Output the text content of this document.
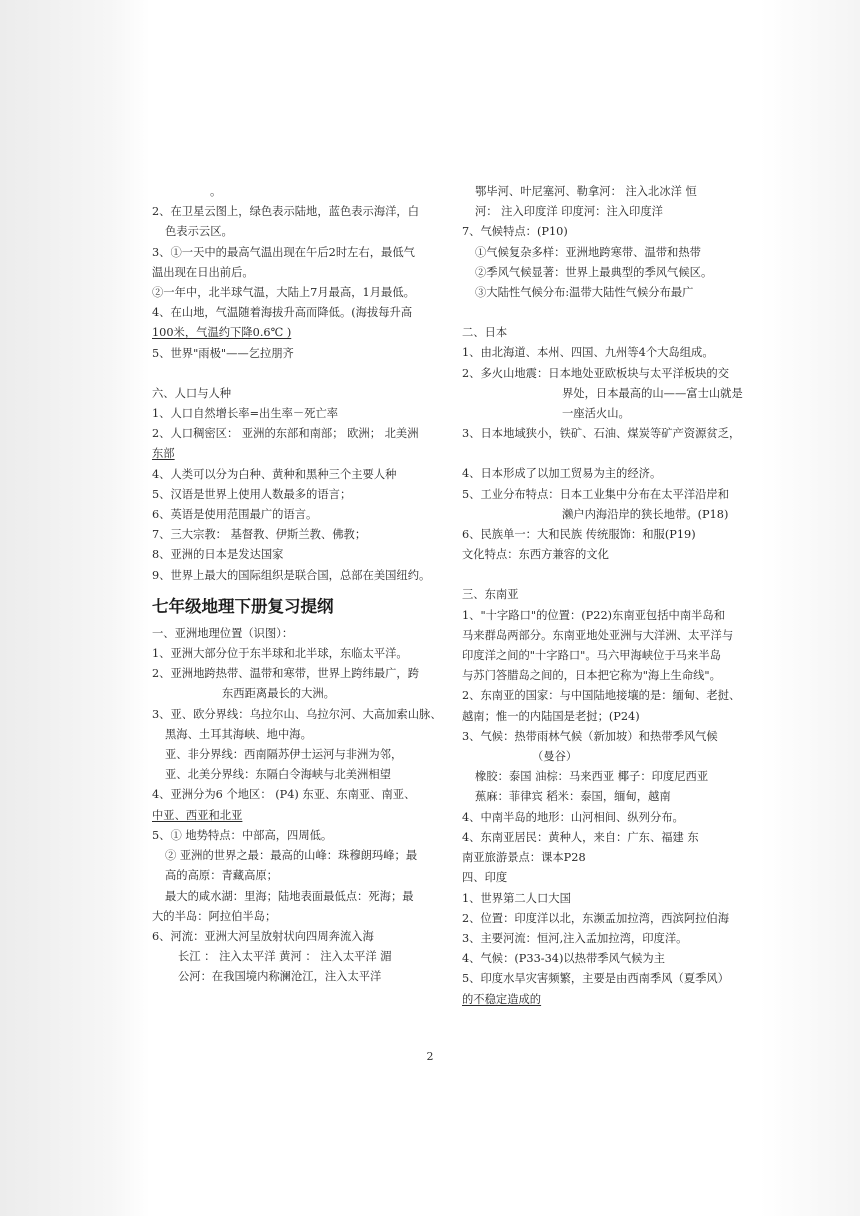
。
2、在卫星云图上，绿色表示陆地，蓝色表示海洋，白
色表示云区。
3、①一天中的最高气温出现在午后2时左右，最低气
温出现在日出前后。
②一年中，北半球气温，大陆上7月最高，1月最低。
4、在山地，气温随着海拔升高而降低。(海拔每升高
100米，气温约下降0.6℃ )
5、世界"雨极"——乞拉朋齐
六、人口与人种
1、人口自然增长率=出生率－死亡率
2、人口稠密区： 亚洲的东部和南部； 欧洲； 北美洲
东部
4、人类可以分为白种、黄种和黑种三个主要人种
5、汉语是世界上使用人数最多的语言；
6、英语是使用范围最广的语言。
7、三大宗教： 基督教、伊斯兰教、佛教；
8、亚洲的日本是发达国家
9、世界上最大的国际组织是联合国，总部在美国纽约。
七年级地理下册复习提纲
一、亚洲地理位置（识图）：
1、亚洲大部分位于东半球和北半球，东临太平洋。
2、亚洲地跨热带、温带和寒带，世界上跨纬最广，跨
东西距离最长的大洲。
3、亚、欧分界线：乌拉尔山、乌拉尔河、大高加索山脉、
黑海、土耳其海峡、地中海。
亚、非分界线：西南隔苏伊士运河与非洲为邻，
亚、北美分界线：东隔白令海峡与北美洲相望
4、亚洲分为6 个地区： (P4) 东亚、东南亚、南亚、
中亚、西亚和北亚
5、① 地势特点：中部高，四周低。
② 亚洲的世界之最：最高的山峰：珠穆朗玛峰；最
高的高原：青藏高原；
最大的咸水湖：里海；陆地表面最低点：死海；最
大的半岛：阿拉伯半岛；
6、河流：亚洲大河呈放射状向四周奔流入海
长江 ： 注入太平洋 黄河 ： 注入太平洋 湄
公河：在我国境内称澜沧江，注入太平洋
鄂毕河、叶尼塞河、勒拿河： 注入北冰洋 恒
河： 注入印度洋 印度河：注入印度洋
7、气候特点：(P10)
①气候复杂多样：亚洲地跨寒带、温带和热带
②季风气候显著：世界上最典型的季风气候区。
③大陆性气候分布:温带大陆性气候分布最广
二、日本
1、由北海道、本州、四国、九州等4个大岛组成。
2、多火山地震：日本地处亚欧板块与太平洋板块的交
界处，日本最高的山——富士山就是
一座活火山。
3、日本地域狭小，铁矿、石油、煤炭等矿产资源贫乏，
4、日本形成了以加工贸易为主的经济。
5、工业分布特点：日本工业集中分布在太平洋沿岸和
濑户内海沿岸的狭长地带。(P18)
6、民族单一：大和民族 传统服饰：和服(P19)
文化特点：东西方兼容的文化
三、东南亚
1、"十字路口"的位置：(P22)东南亚包括中南半岛和
马来群岛两部分。东南亚地处亚洲与大洋洲、太平洋与
印度洋之间的"十字路口"。马六甲海峡位于马来半岛
与苏门答腊岛之间的，日本把它称为"海上生命线"。
2、东南亚的国家：与中国陆地接壤的是：缅甸、老挝、
越南；惟一的内陆国是老挝；(P24)
3、气候：热带雨林气候（新加坡）和热带季风气候
（曼谷）
橡胶：泰国 油棕：马来西亚 椰子：印度尼西亚
蕉麻：菲律宾 稻米：泰国，缅甸，越南
4、中南半岛的地形：山河相间、纵列分布。
4、东南亚居民：黄种人，来自：广东、福建 东
南亚旅游景点：课本P28
四、印度
1、世界第二人口大国
2、位置：印度洋以北，东濒孟加拉湾，西滨阿拉伯海
3、主要河流：恒河,注入孟加拉湾，印度洋。
4、气候：(P33-34)以热带季风气候为主
5、印度水旱灾害频繁，主要是由西南季风（夏季风）
的不稳定造成的
2
